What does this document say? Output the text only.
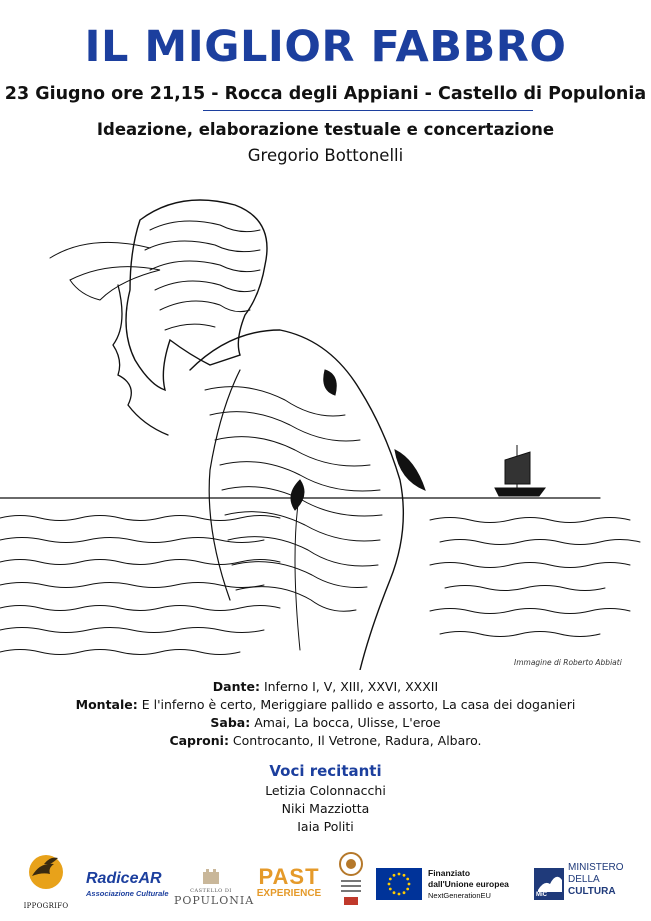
IL MIGLIOR FABBRO
23 Giugno ore 21,15 - Rocca degli Appiani - Castello di Populonia
Ideazione, elaborazione testuale e concertazione
Gregorio Bottonelli
Immagine di Roberto Abbiati
Dante: Inferno I, V, XIII, XXVI, XXXII
Montale: E l'inferno è certo, Meriggiare pallido e assorto, La casa dei doganieri
Saba: Amai, La bocca, Ulisse, L'eroe
Caproni: Controcanto, Il Vetrone, Radura, Albaro.
Voci recitanti
Letizia Colonnacchi
Niki Mazziotta
Iaia Politi
IPPOGRIFO
RadiceAR
Associazione Culturale	CASTELLO DI
POPULONIA
PAST
EXPERIENCE
Finanziato
dall'Unione europea
NextGenerationEU	MiC
MINISTERO
DELLA
CULTURA
